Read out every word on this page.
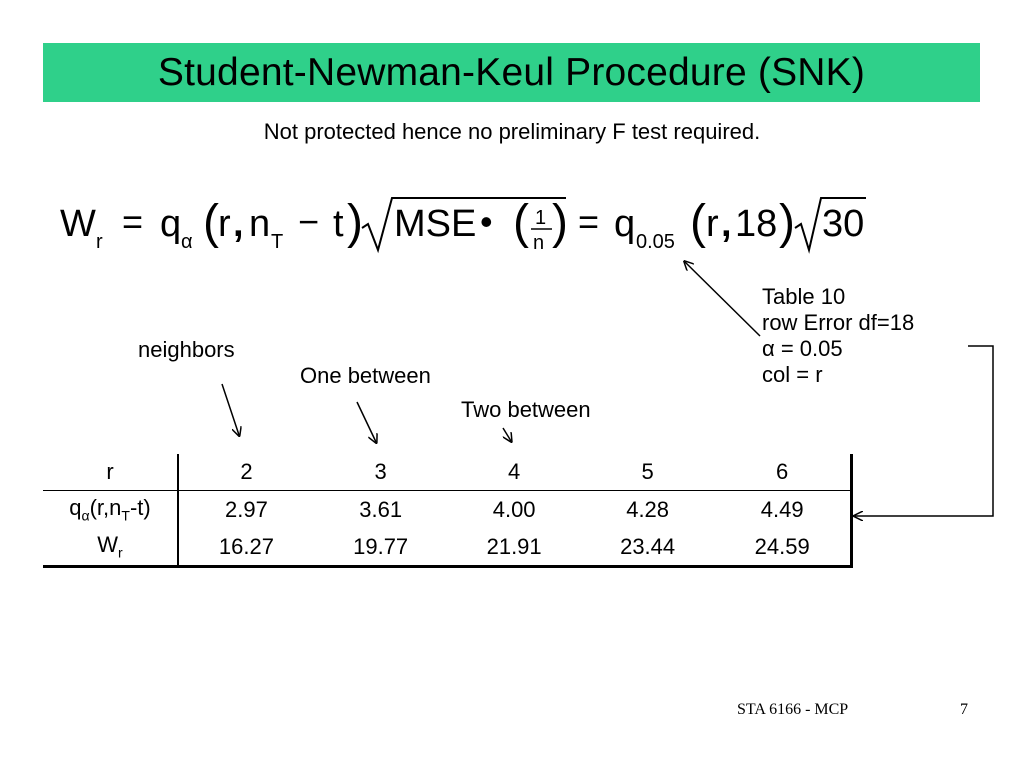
Student-Newman-Keul Procedure (SNK)
Not protected hence no preliminary F test required.
W r = q α ( r , n T − t ) MSE • ( 1
n ) = q 0.05 ( r , 18 ) 30
neighbors
One between
Two between
Table 10
row Error df=18
α = 0.05
col = r
r	2	3	4	5	6
$q_\alpha(r,n_T-t)$	2.97	3.61	4.00	4.28	4.49
$W_r$	16.27	19.77	21.91	23.44	24.59
STA 6166 - MCP	7
